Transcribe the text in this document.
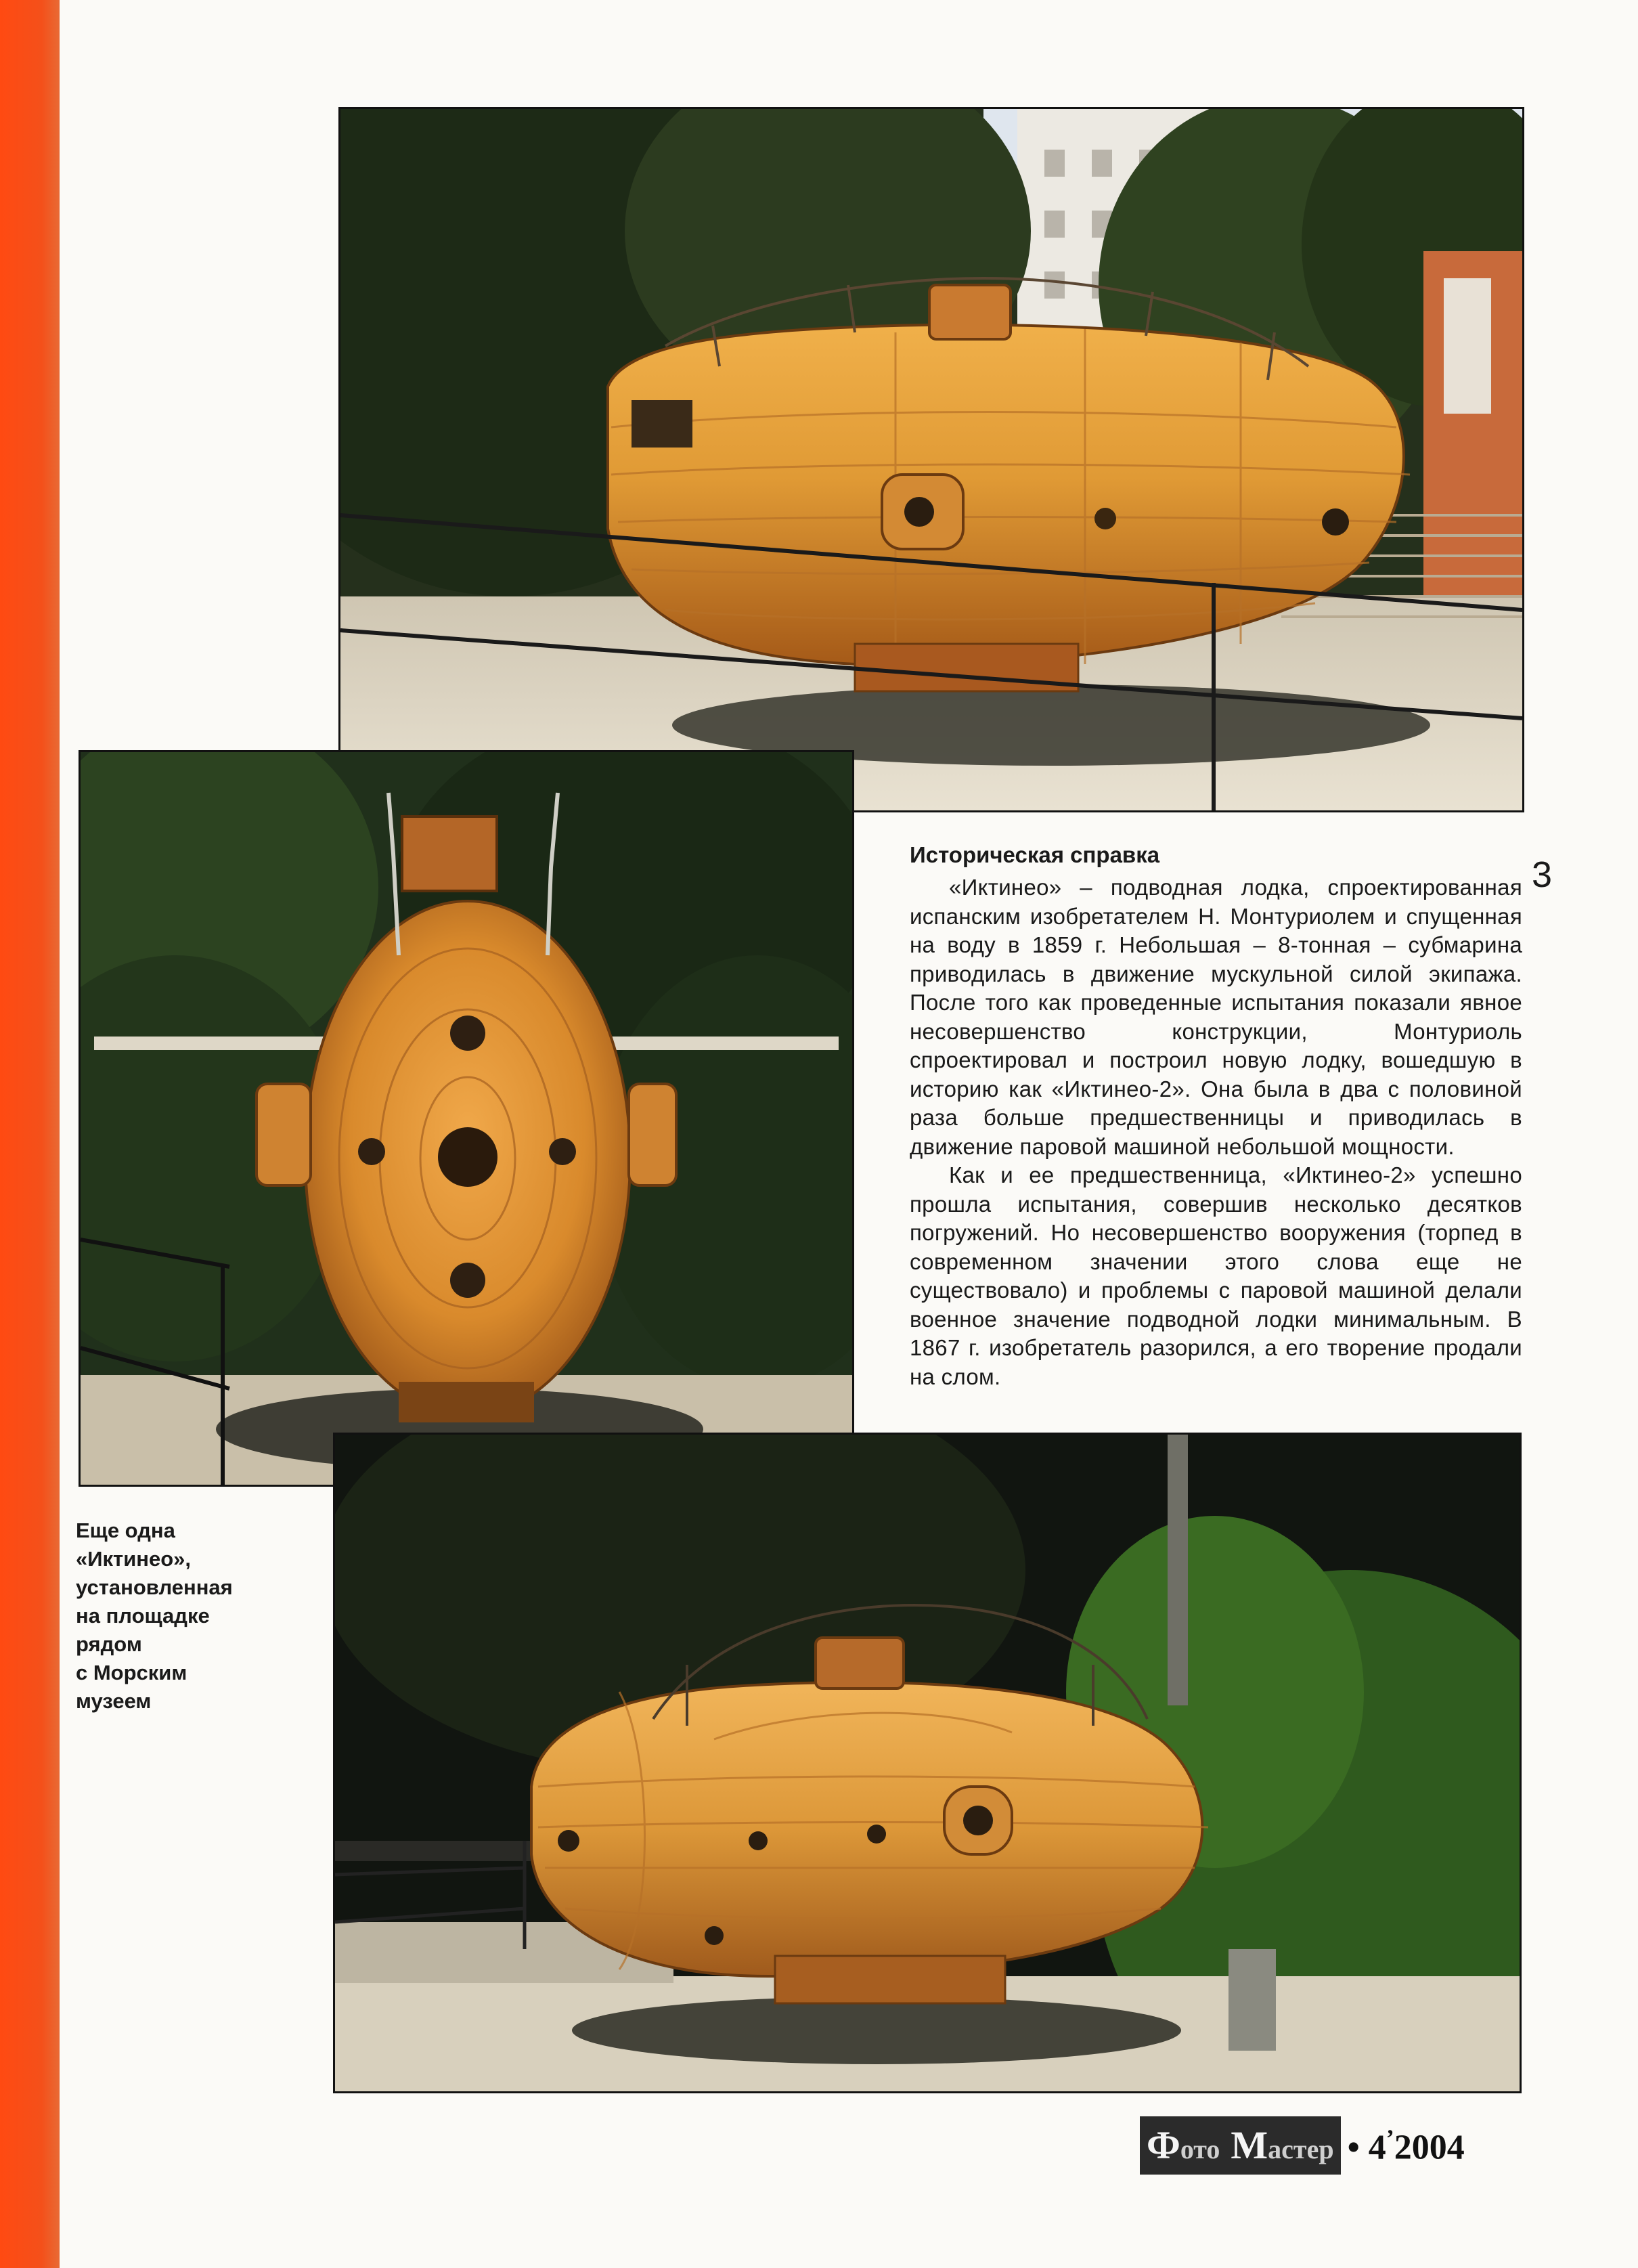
Историческая справка

«Иктинео» – подводная лодка, спроектированная испанским изобретателем Н. Монтуриолем и спущенная на воду в 1859 г. Небольшая – 8-тонная – субмарина приводилась в движение мускульной силой экипажа. После того как проведенные испытания показали явное несовершенство конструкции, Монтуриоль спроектировал и построил новую лодку, вошедшую в историю как «Иктинео-2». Она была в два с половиной раза больше предшественницы и приводилась в движение паровой машиной небольшой мощности.

Как и ее предшественница, «Иктинео-2» успешно прошла испытания, совершив несколько десятков погружений. Но несовершенство вооружения (торпед в современном значении этого слова еще не существовало) и проблемы с паровой машиной делали военное значение подводной лодки минимальным. В 1867 г. изобретатель разорился, а его творение продали на слом.

3
Еще одна
«Иктинео»,
установленная
на площадке
рядом
с Морским
музеем
Ф ото М астер • 4’2004
